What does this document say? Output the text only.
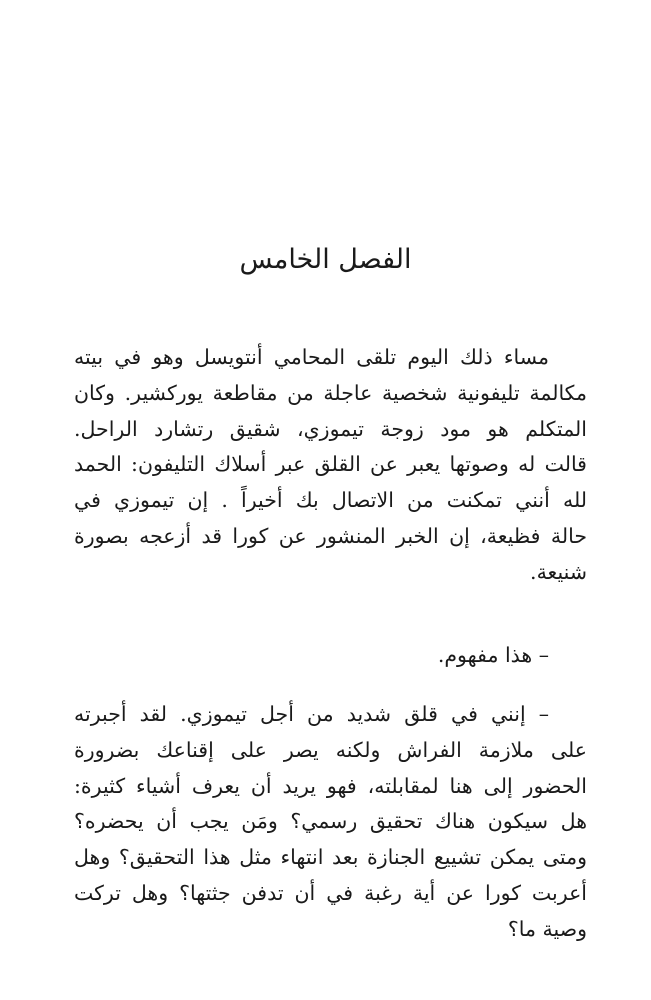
الفصل الخامس
مساء ذلك اليوم تلقى المحامي أنتويسل وهو في بيته
مكالمة تليفونية شخصية عاجلة من مقاطعة يوركشير. وكان
المتكلم هو مود زوجة تيموزي، شقيق رتشارد الراحل.
قالت له وصوتها يعبر عن القلق عبر أسلاك التليفون: الحمد
لله أنني تمكنت من الاتصال بك أخيراً . إن تيموزي في
حالة فظيعة، إن الخبر المنشور عن كورا قد أزعجه بصورة
شنيعة.
– هذا مفهوم.
– إنني في قلق شديد من أجل تيموزي. لقد أجبرته
على ملازمة الفراش ولكنه يصر على إقناعك بضرورة
الحضور إلى هنا لمقابلته، فهو يريد أن يعرف أشياء كثيرة:
هل سيكون هناك تحقيق رسمي؟ ومَن يجب أن يحضره؟
ومتى يمكن تشييع الجنازة بعد انتهاء مثل هذا التحقيق؟ وهل
أعربت كورا عن أية رغبة في أن تدفن جثتها؟ وهل تركت
وصية ما؟
